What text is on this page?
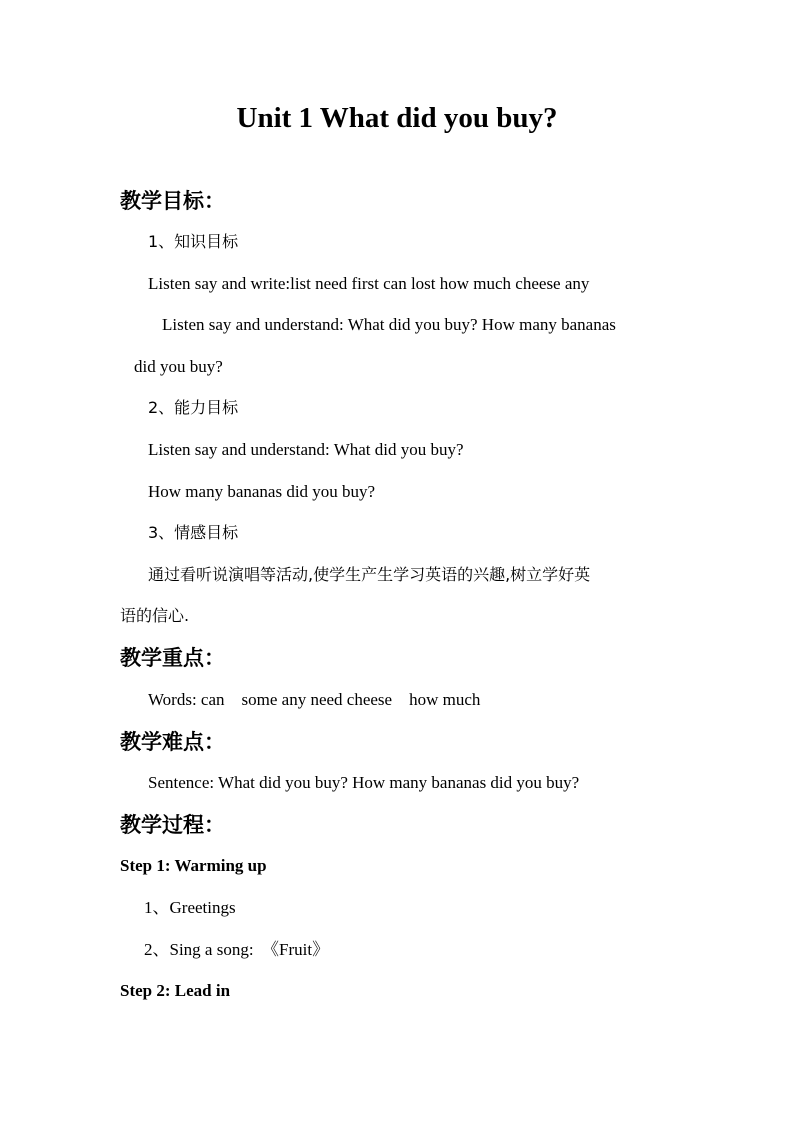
Unit 1 What did you buy?
教学目标：
1、知识目标
Listen say and write:list need first can lost how much cheese any
Listen say and understand: What did you buy? How many bananas
did you buy?
2、能力目标
Listen say and understand: What did you buy?
How many bananas did you buy?
3、情感目标
通过看听说演唱等活动,使学生产生学习英语的兴趣,树立学好英
语的信心.
教学重点：
Words: can    some any need cheese    how much
教学难点：
Sentence: What did you buy? How many bananas did you buy?
教学过程：
Step 1: Warming up
1、Greetings
2、Sing a song:  《Fruit》
Step 2: Lead in
